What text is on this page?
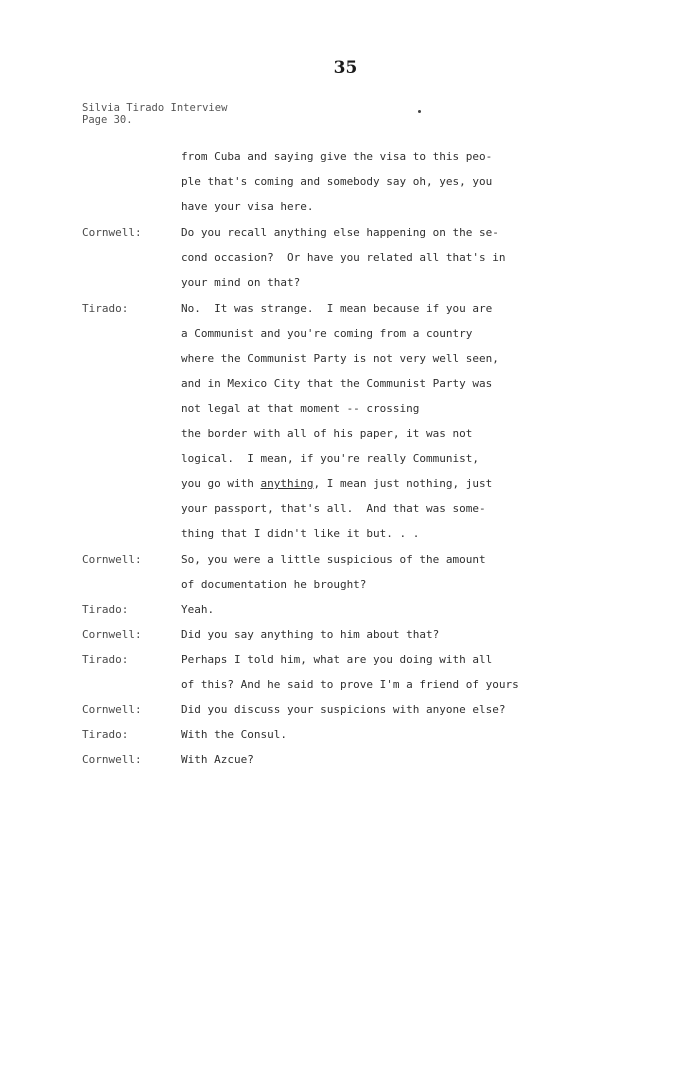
35
Silvia Tirado Interview
Page 30.
from Cuba and saying give the visa to this peo-
ple that's coming and somebody say oh, yes, you
have your visa here.
Cornwell:	Do you recall anything else happening on the se-
cond occasion?  Or have you related all that's in
your mind on that?
Tirado:	No.  It was strange.  I mean because if you are
a Communist and you're coming from a country
where the Communist Party is not very well seen,
and in Mexico City that the Communist Party was
not legal at that moment -- crossing
the border with all of his paper, it was not
logical.  I mean, if you're really Communist,
you go with anything, I mean just nothing, just
your passport, that's all.  And that was some-
thing that I didn't like it but. . .
Cornwell:	So, you were a little suspicious of the amount
of documentation he brought?
Tirado:	Yeah.
Cornwell:	Did you say anything to him about that?
Tirado:	Perhaps I told him, what are you doing with all
of this? And he said to prove I'm a friend of yours
Cornwell:	Did you discuss your suspicions with anyone else?
Tirado:	With the Consul.
Cornwell:	With Azcue?
